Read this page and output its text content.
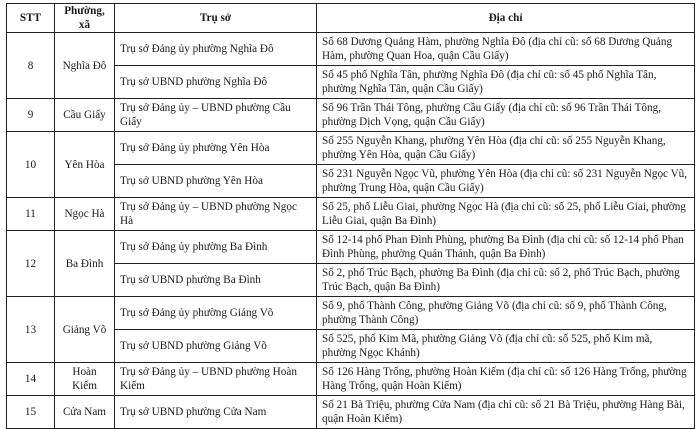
STT	Phường, xã	Trụ sở	Địa chỉ
8	Nghĩa Đô	Trụ sở Đảng ủy phường Nghĩa Đô	Số 68 Dương Quảng Hàm, phường Nghĩa Đô (địa chỉ cũ: số 68 Dương Quảng Hàm, phường Quan Hoa, quận Cầu Giấy)
		Trụ sở UBND phường Nghĩa Đô	Số 45 phố Nghĩa Tân, phường Nghĩa Đô (địa chỉ cũ: số 45 phố Nghĩa Tân, phường Nghĩa Tân, quận Cầu Giấy)
9	Cầu Giấy	Trụ sở Đảng ủy – UBND phường Cầu Giấy	Số 96 Trần Thái Tông, phường Cầu Giấy (địa chỉ cũ: số 96 Trần Thái Tông, phường Dịch Vọng, quận Cầu Giấy)
10	Yên Hòa	Trụ sở Đảng ủy phường Yên Hòa	Số 255 Nguyễn Khang, phường Yên Hòa (địa chỉ cũ: số 255 Nguyễn Khang, phường Yên Hòa, quận Cầu Giấy)
		Trụ sở UBND phường Yên Hòa	Số 231 Nguyễn Ngọc Vũ, phường Yên Hòa (địa chỉ cũ: số 231 Nguyễn Ngọc Vũ, phường Trung Hòa, quận Cầu Giấy)
11	Ngọc Hà	Trụ sở Đảng ủy – UBND phường Ngọc Hà	Số 25, phố Liễu Giai, phường Ngọc Hà (địa chỉ cũ: số 25, phố Liễu Giai, phường Liễu Giai, quận Ba Đình)
12	Ba Đình	Trụ sở Đảng ủy phường Ba Đình	Số 12-14 phố Phan Đình Phùng, phường Ba Đình (địa chỉ cũ: số 12-14 phố Phan Đình Phùng, phường Quán Thánh, quận Ba Đình)
		Trụ sở UBND phường Ba Đình	Số 2, phố Trúc Bạch, phường Ba Đình (địa chỉ cũ: số 2, phố Trúc Bạch, phường Trúc Bạch, quận Ba Đình)
13	Giảng Võ	Trụ sở Đảng ủy phường Giảng Võ	Số 9, phố Thành Công, phường Giảng Võ (địa chỉ cũ: số 9, phố Thành Công, phường Thành Công)
		Trụ sở UBND phường Giảng Võ	Số 525, phố Kim Mã, phường Giảng Võ (địa chỉ cũ: số 525, phố Kim mã, phường Ngọc Khánh)
14	Hoàn Kiếm	Trụ sở Đảng ủy – UBND phường Hoàn Kiếm	Số 126 Hàng Trống, phường Hoàn Kiếm (địa chỉ cũ: số 126 Hàng Trống, phường Hàng Trống, quận Hoàn Kiếm)
15	Cửa Nam	Trụ sở UBND phường Cửa Nam	Số 21 Bà Triệu, phường Cửa Nam (địa chỉ cũ: số 21 Bà Triệu, phường Hàng Bài, quận Hoàn Kiếm)
